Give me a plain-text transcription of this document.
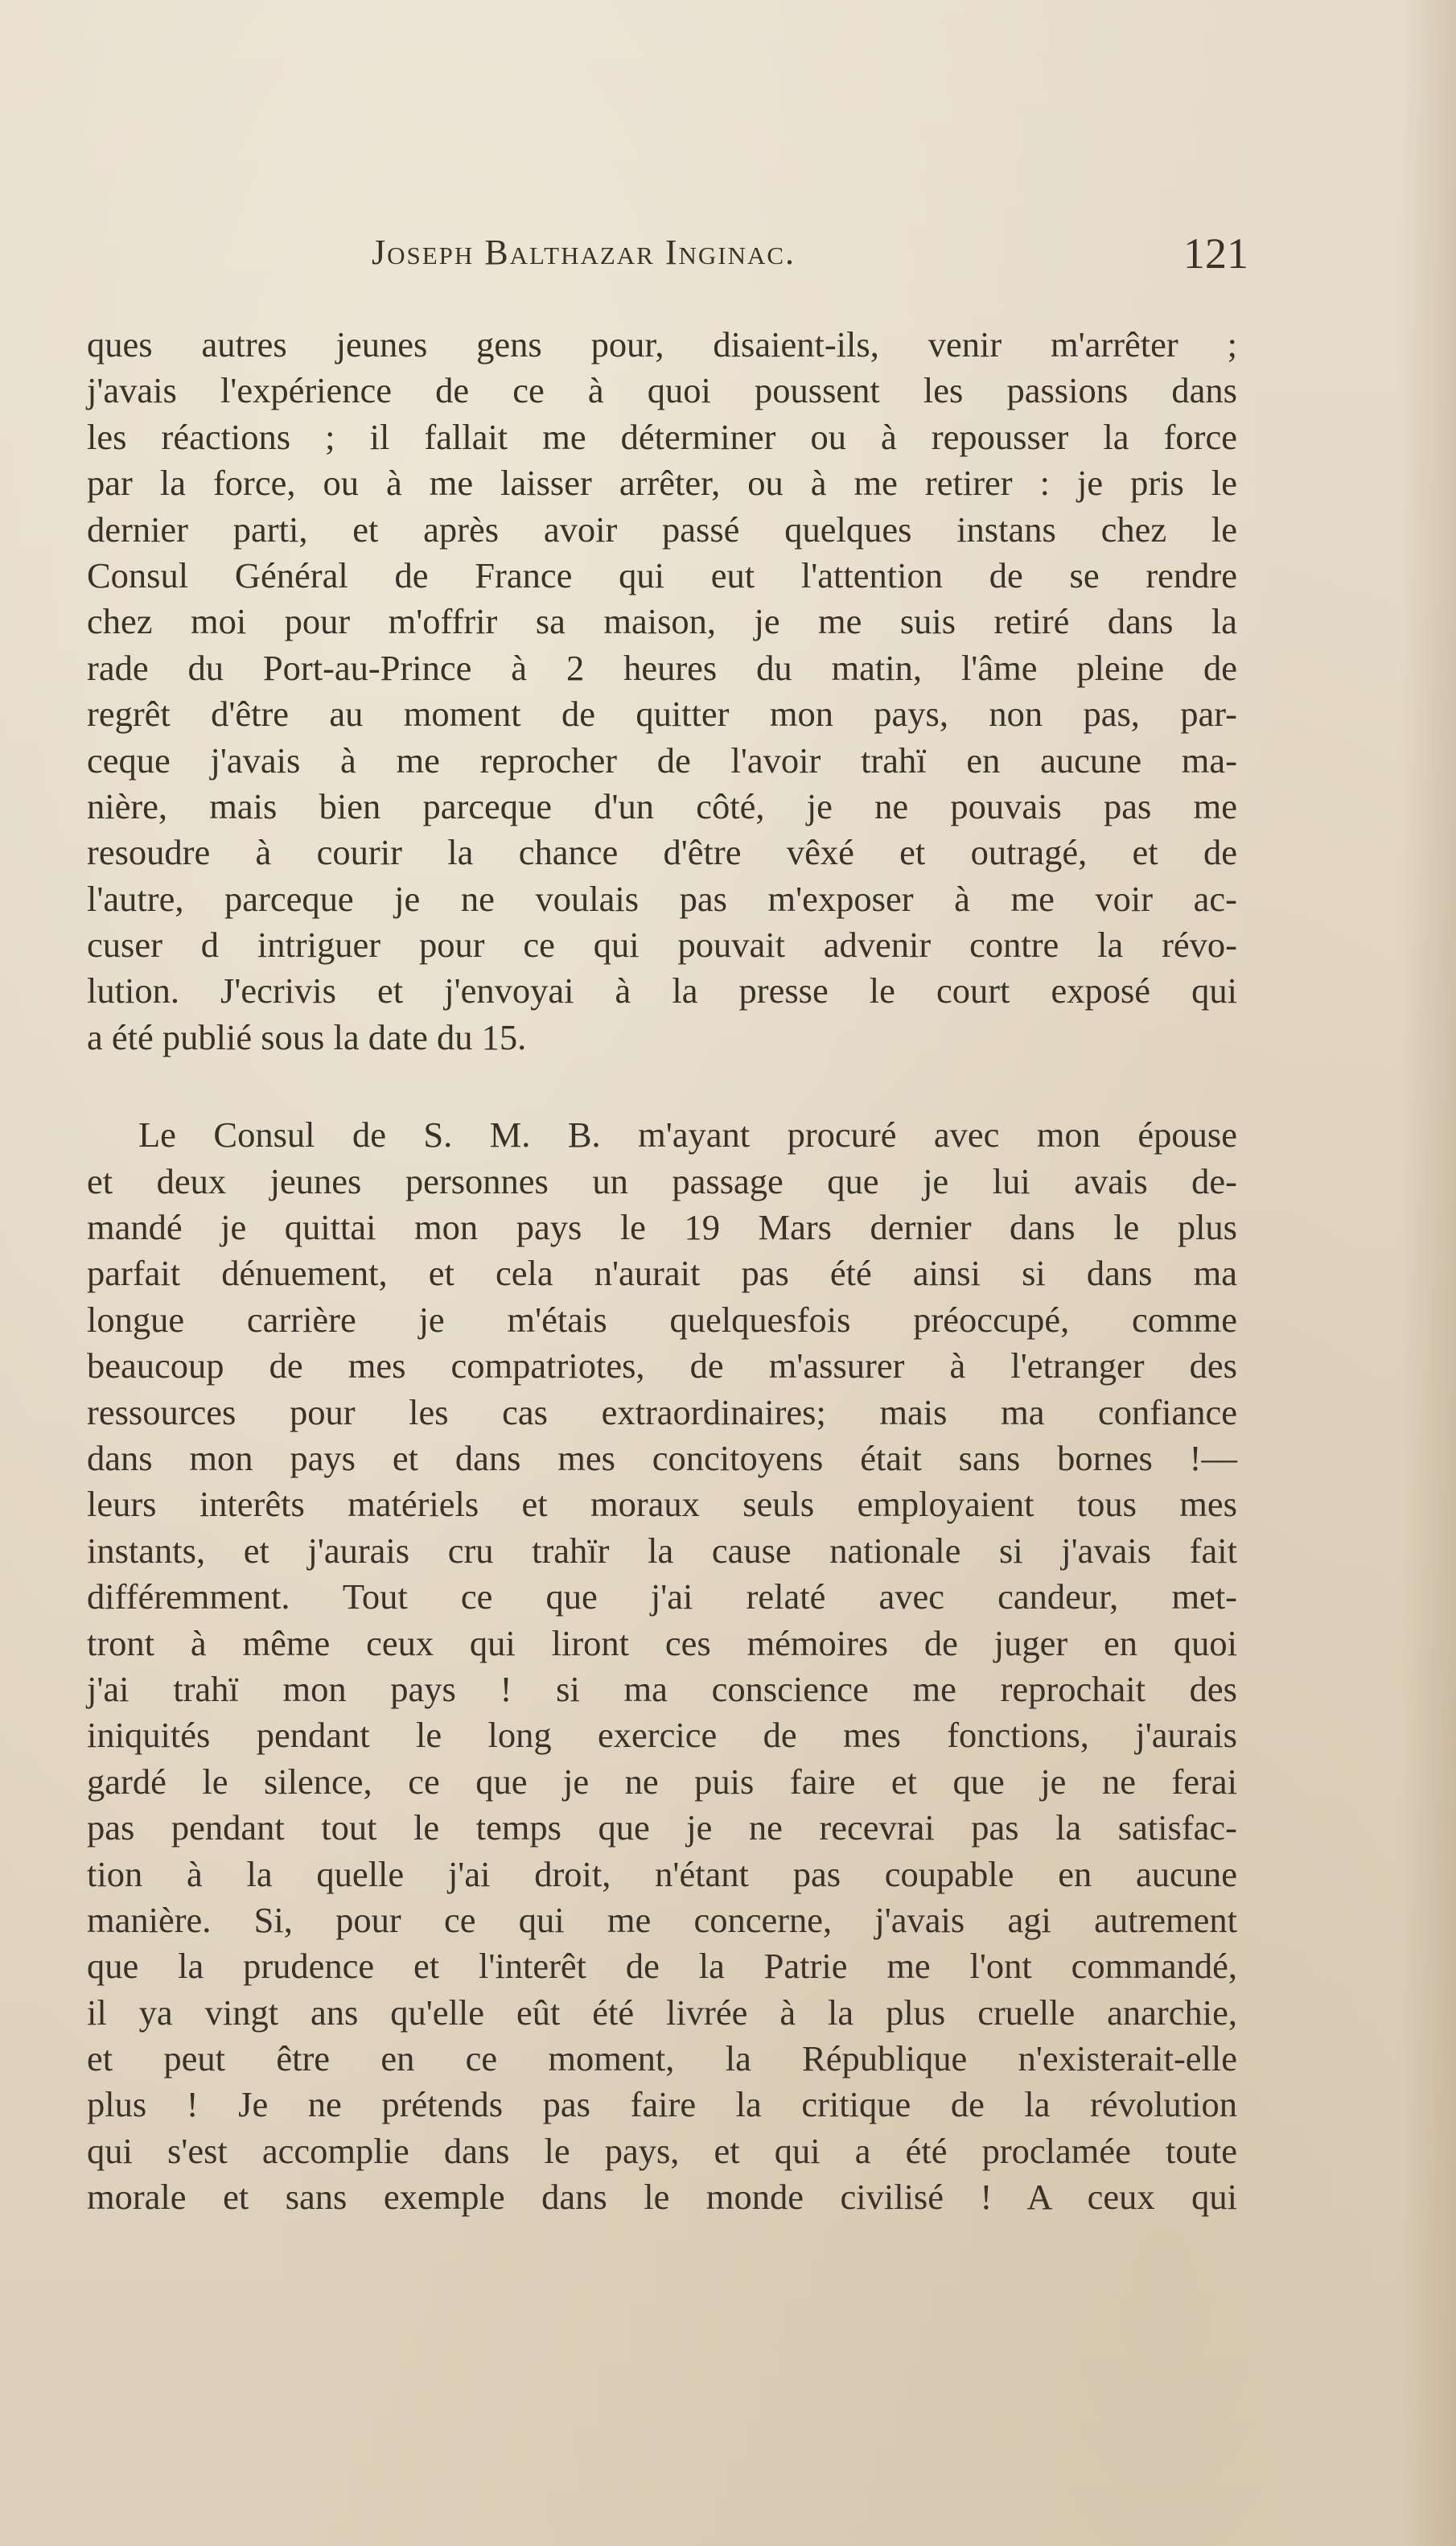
Joseph Balthazar Inginac.	121
ques autres jeunes gens pour, disaient-ils, venir m'arrêter ;
j'avais l'expérience de ce à quoi poussent les passions dans
les réactions ; il fallait me déterminer ou à repousser la force
par la force, ou à me laisser arrêter, ou à me retirer : je pris le
dernier parti, et après avoir passé quelques instans chez le
Consul Général de France qui eut l'attention de se rendre
chez moi pour m'offrir sa maison, je me suis retiré dans la
rade du Port-au-Prince à 2 heures du matin, l'âme pleine de
regrêt d'être au moment de quitter mon pays, non pas, par-
ceque j'avais à me reprocher de l'avoir trahï en aucune ma-
nière, mais bien parceque d'un côté, je ne pouvais pas me
resoudre à courir la chance d'être vêxé et outragé, et de
l'autre, parceque je ne voulais pas m'exposer à me voir ac-
cuser d intriguer pour ce qui pouvait advenir contre la révo-
lution. J'ecrivis et j'envoyai à la presse le court exposé qui
a été publié sous la date du 15.
Le Consul de S. M. B. m'ayant procuré avec mon épouse
et deux jeunes personnes un passage que je lui avais de-
mandé je quittai mon pays le 19 Mars dernier dans le plus
parfait dénuement, et cela n'aurait pas été ainsi si dans ma
longue carrière je m'étais quelquesfois préoccupé, comme
beaucoup de mes compatriotes, de m'assurer à l'etranger des
ressources pour les cas extraordinaires; mais ma confiance
dans mon pays et dans mes concitoyens était sans bornes !—
leurs interêts matériels et moraux seuls employaient tous mes
instants, et j'aurais cru trahïr la cause nationale si j'avais fait
différemment. Tout ce que j'ai relaté avec candeur, met-
tront à même ceux qui liront ces mémoires de juger en quoi
j'ai trahï mon pays ! si ma conscience me reprochait des
iniquités pendant le long exercice de mes fonctions, j'aurais
gardé le silence, ce que je ne puis faire et que je ne ferai
pas pendant tout le temps que je ne recevrai pas la satisfac-
tion à la quelle j'ai droit, n'étant pas coupable en aucune
manière. Si, pour ce qui me concerne, j'avais agi autrement
que la prudence et l'interêt de la Patrie me l'ont commandé,
il ya vingt ans qu'elle eût été livrée à la plus cruelle anarchie,
et peut être en ce moment, la République n'existerait-elle
plus ! Je ne prétends pas faire la critique de la révolution
qui s'est accomplie dans le pays, et qui a été proclamée toute
morale et sans exemple dans le monde civilisé ! A ceux qui
